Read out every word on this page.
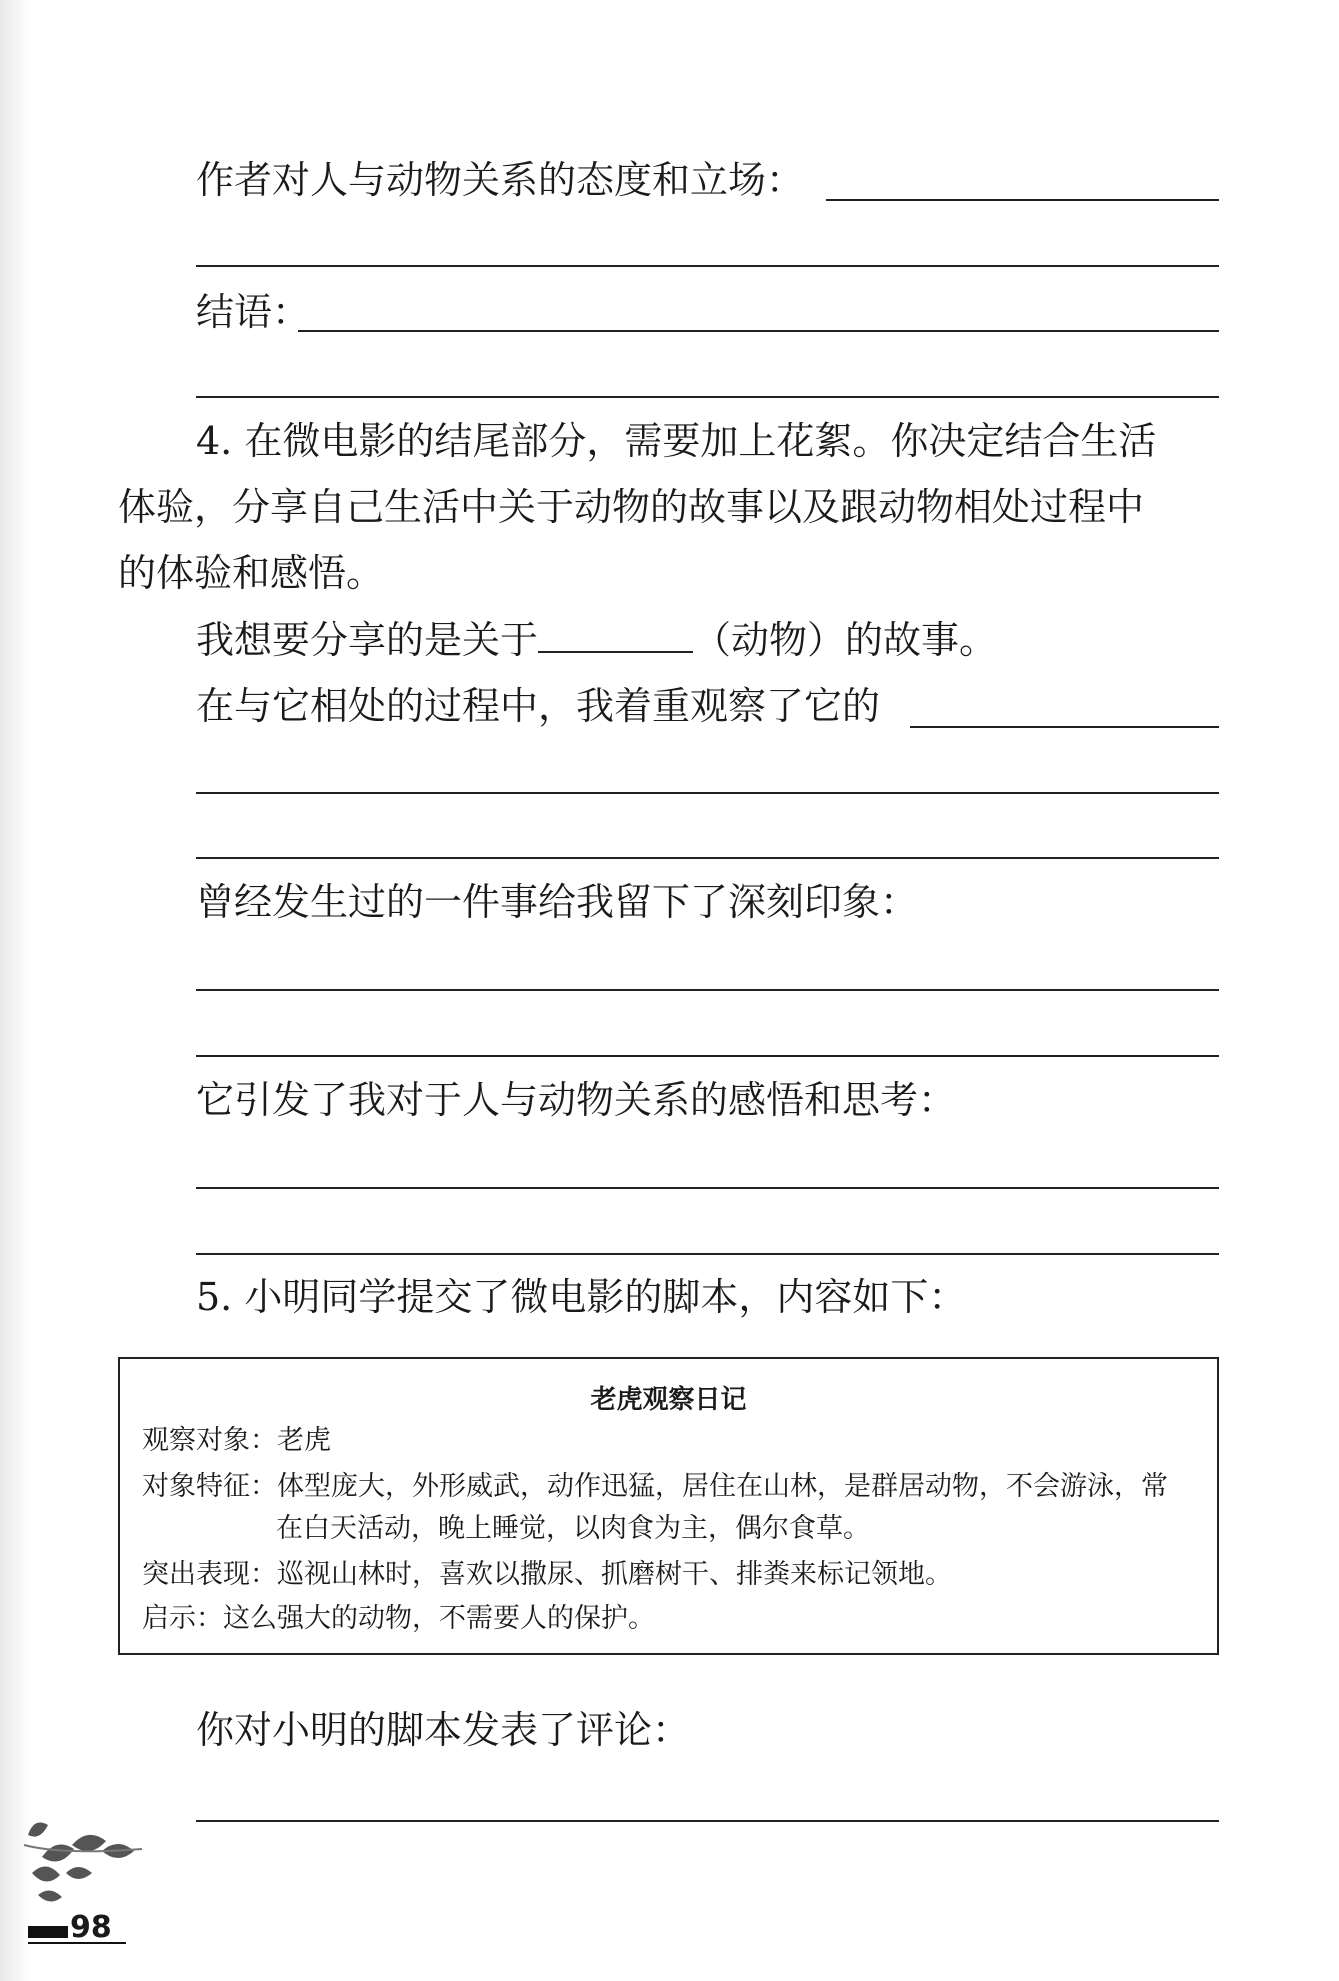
作者对人与动物关系的态度和立场：
结语：
4. 在微电影的结尾部分，需要加上花絮。你决定结合生活
体验，分享自己生活中关于动物的故事以及跟动物相处过程中
的体验和感悟。
我想要分享的是关于	（动物）的故事。
在与它相处的过程中，我着重观察了它的
曾经发生过的一件事给我留下了深刻印象：
它引发了我对于人与动物关系的感悟和思考：
5. 小明同学提交了微电影的脚本，内容如下：
老虎观察日记
观察对象：老虎
对象特征：体型庞大，外形威武，动作迅猛，居住在山林，是群居动物，不会游泳，常
在白天活动，晚上睡觉，以肉食为主，偶尔食草。
突出表现：巡视山林时，喜欢以撒尿、抓磨树干、排粪来标记领地。
启示：这么强大的动物，不需要人的保护。
你对小明的脚本发表了评论：
98
